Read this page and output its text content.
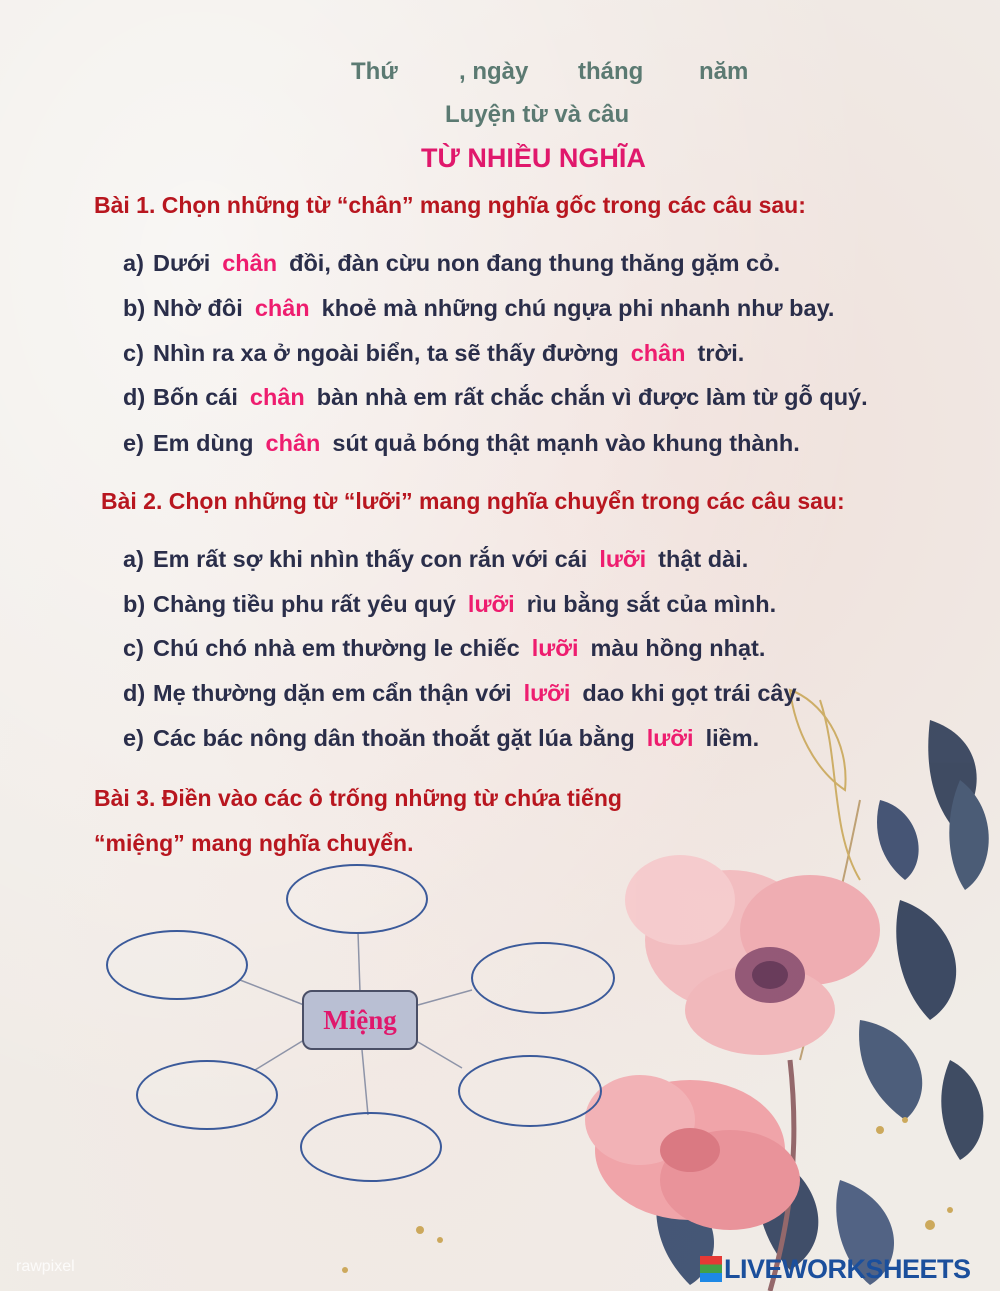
Thứ	, ngày tháng năm
Luyện từ và câu
TỪ NHIỀU NGHĨA
Bài 1. Chọn những từ “chân” mang nghĩa gốc trong các câu sau:
a) Dưới chân đồi, đàn cừu non đang thung thăng gặm cỏ.
b) Nhờ đôi chân khoẻ mà những chú ngựa phi nhanh như bay.
c) Nhìn ra xa ở ngoài biển, ta sẽ thấy đường chân trời.
d) Bốn cái chân bàn nhà em rất chắc chắn vì được làm từ gỗ quý.
e) Em dùng chân sút quả bóng thật mạnh vào khung thành.
Bài 2. Chọn những từ “lưỡi” mang nghĩa chuyển trong các câu sau:
a) Em rất sợ khi nhìn thấy con rắn với cái lưỡi thật dài.
b) Chàng tiều phu rất yêu quý lưỡi rìu bằng sắt của mình.
c) Chú chó nhà em thường le chiếc lưỡi màu hồng nhạt.
d) Mẹ thường dặn em cẩn thận với lưỡi dao khi gọt trái cây.
e) Các bác nông dân thoăn thoắt gặt lúa bằng lưỡi liềm.
Bài 3. Điền vào các ô trống những từ chứa tiếng
“miệng” mang nghĩa chuyển.
Miệng
rawpixel	LIVEWORKSHEETS
